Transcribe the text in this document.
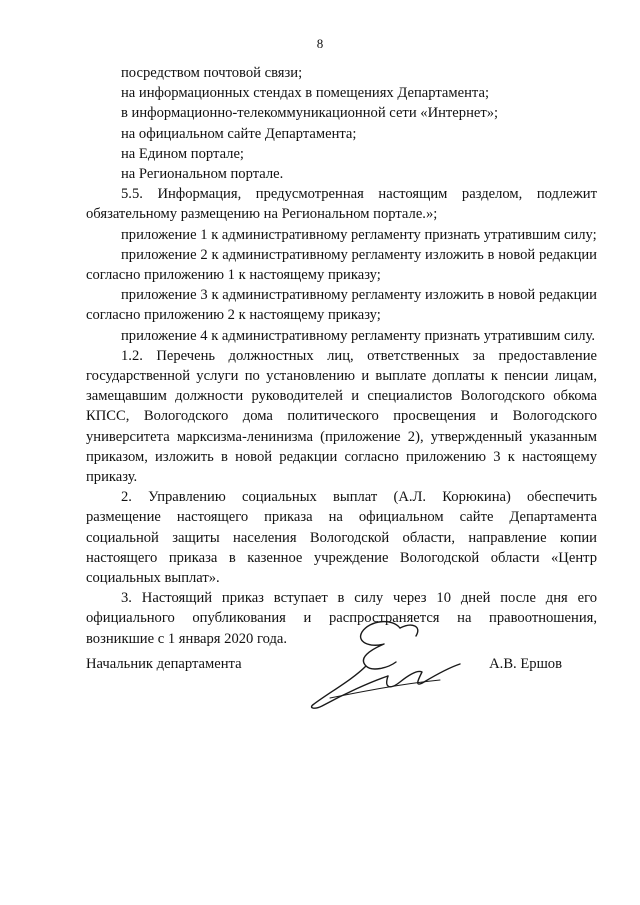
8

посредством почтовой связи;

на информационных стендах в помещениях Департамента;

в информационно-телекоммуникационной сети «Интернет»;

на официальном сайте Департамента;

на Едином портале;

на Региональном портале.

5.5. Информация, предусмотренная настоящим разделом, подлежит обязательному размещению на Региональном портале.»;

приложение 1 к административному регламенту признать утратившим силу;

приложение 2 к административному регламенту изложить в новой редакции согласно приложению 1 к настоящему приказу;

приложение 3 к административному регламенту изложить в новой редакции согласно приложению 2 к настоящему приказу;

приложение 4 к административному регламенту признать утратившим силу.

1.2. Перечень должностных лиц, ответственных за предоставление государственной услуги по установлению и выплате доплаты к пенсии лицам, замещавшим должности руководителей и специалистов Вологодского обкома КПСС, Вологодского дома политического просвещения и Вологодского университета марксизма-ленинизма (приложение 2), утвержденный указанным приказом, изложить в новой редакции согласно приложению 3 к настоящему приказу.

2. Управлению социальных выплат (А.Л. Корюкина) обеспечить размещение настоящего приказа на официальном сайте Департамента социальной защиты населения Вологодской области, направление копии настоящего приказа в казенное учреждение Вологодской области «Центр социальных выплат».

3. Настоящий приказ вступает в силу через 10 дней после дня его официального опубликования и распространяется на правоотношения, возникшие с 1 января 2020 года.

Начальник департамента	А.В. Ершов
